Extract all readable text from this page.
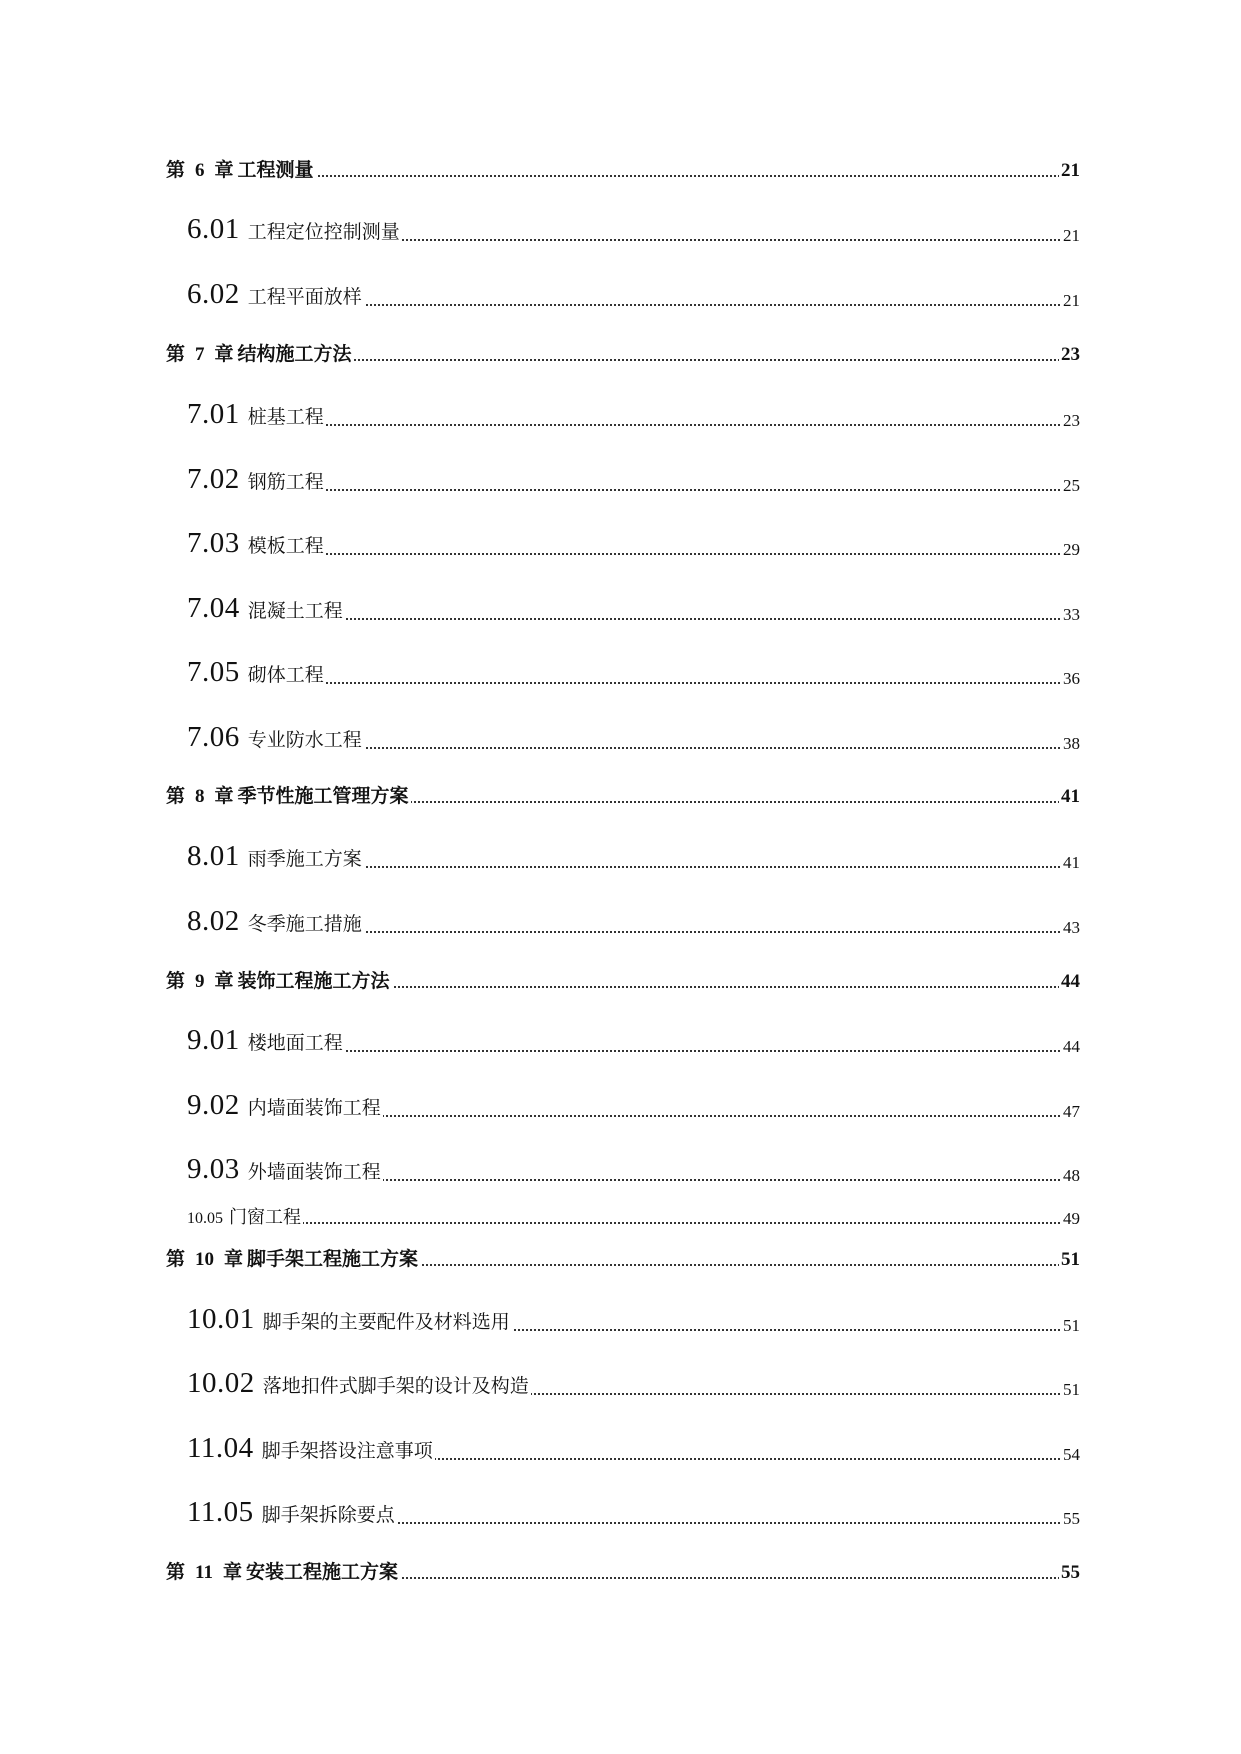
第 6 章 工程测量	21
6.01 工程定位控制测量	21
6.02 工程平面放样	21
第 7 章 结构施工方法	23
7.01 桩基工程	23
7.02 钢筋工程	25
7.03 模板工程	29
7.04 混凝土工程	33
7.05 砌体工程	36
7.06 专业防水工程	38
第 8 章 季节性施工管理方案	41
8.01 雨季施工方案	41
8.02 冬季施工措施	43
第 9 章 装饰工程施工方法	44
9.01 楼地面工程	44
9.02 内墙面装饰工程	47
9.03 外墙面装饰工程	48
10.05 门窗工程	49
第 10 章 脚手架工程施工方案	51
10.01 脚手架的主要配件及材料选用	51
10.02 落地扣件式脚手架的设计及构造	51
11.04 脚手架搭设注意事项	54
11.05 脚手架拆除要点	55
第 11 章 安装工程施工方案	55
